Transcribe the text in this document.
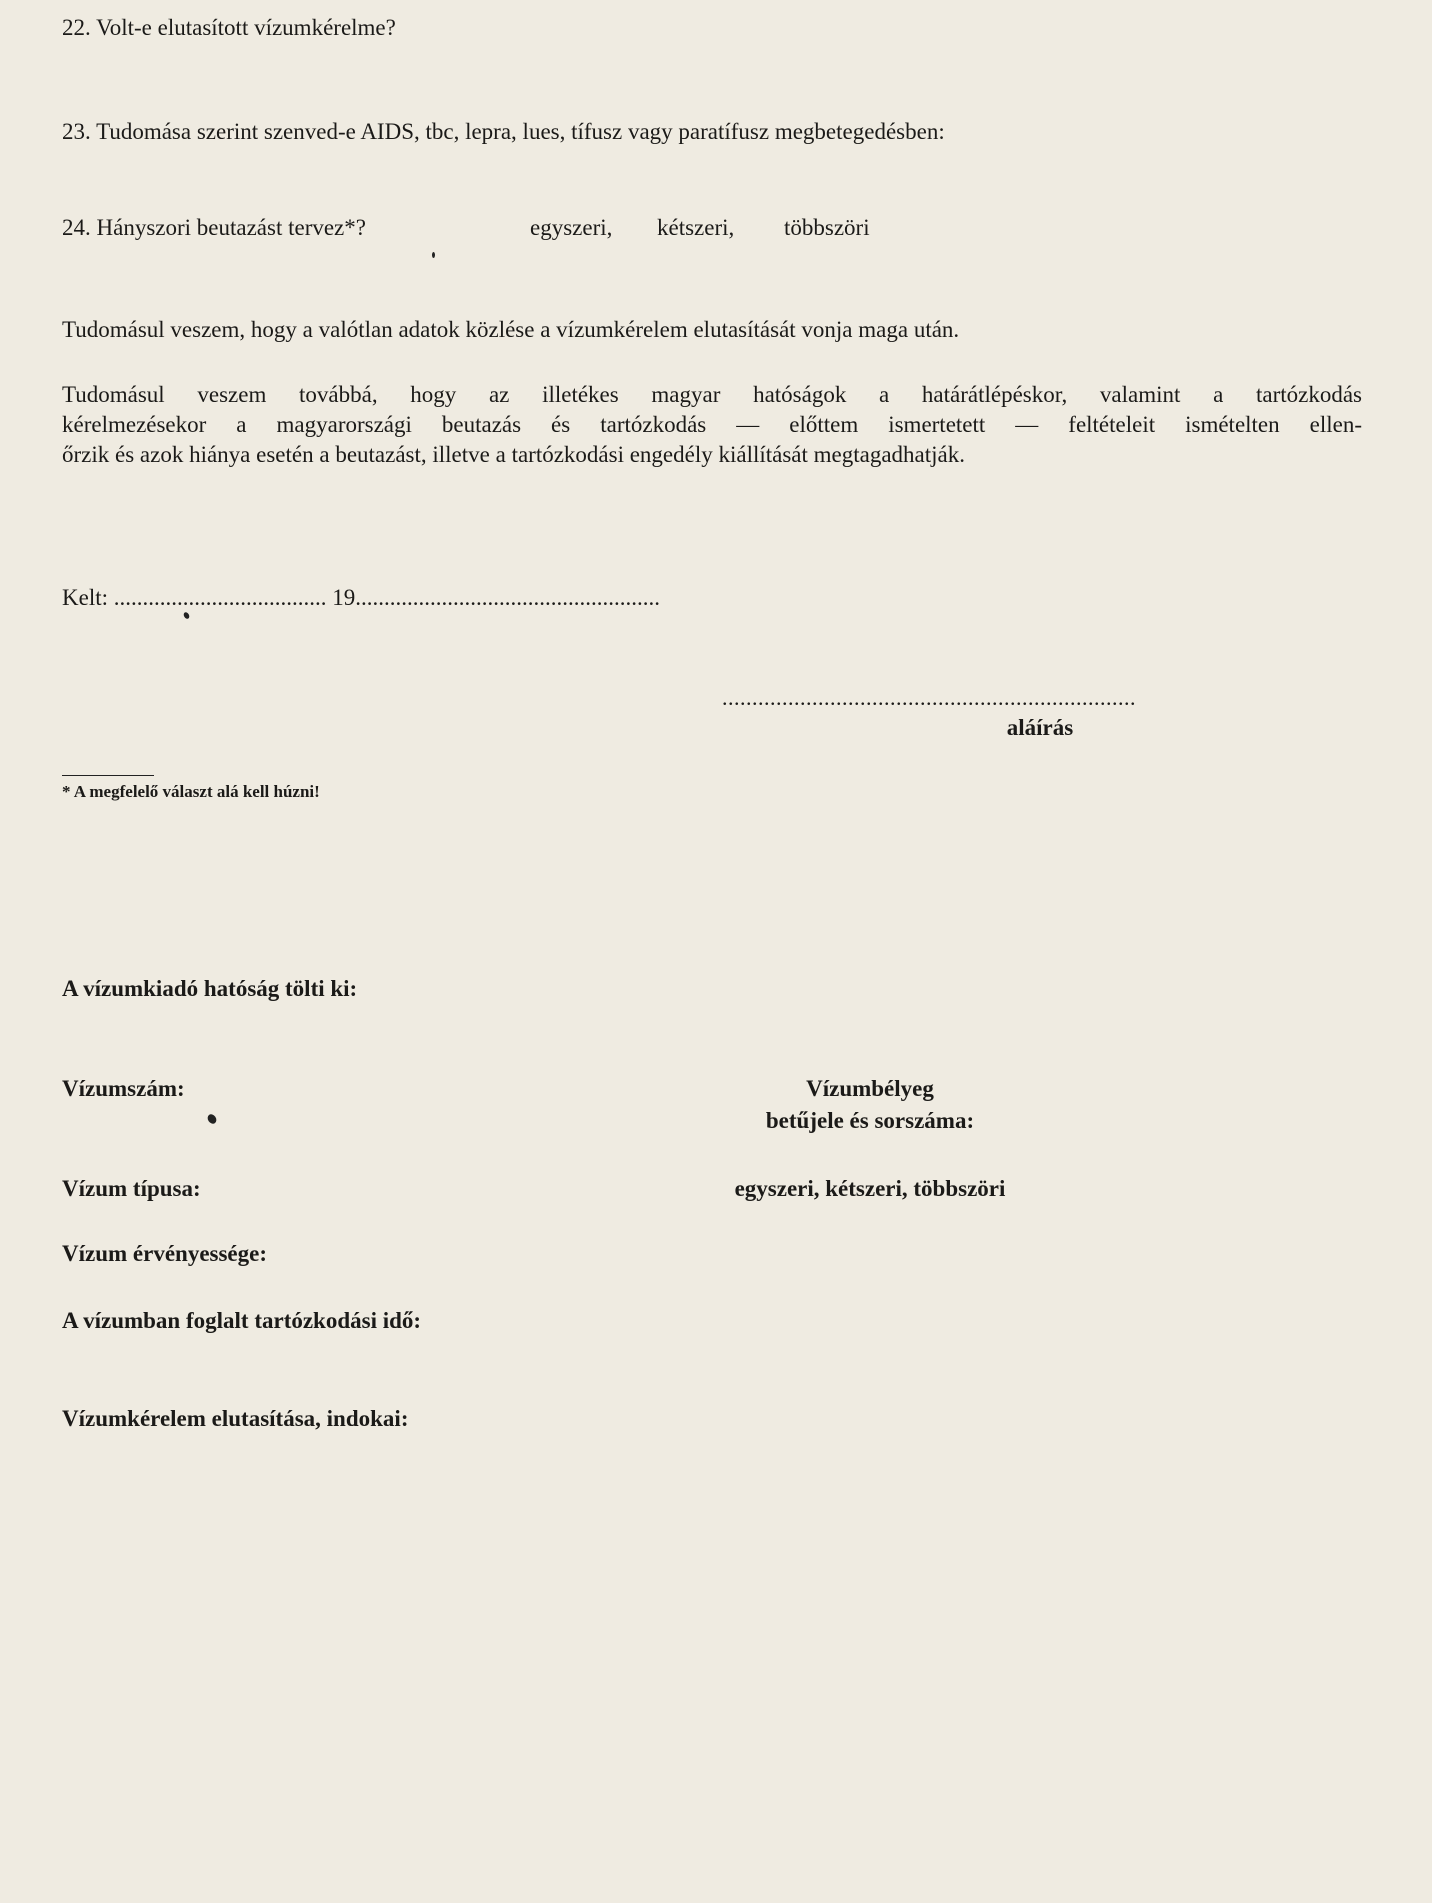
22. Volt-e elutasított vízumkérelme?
23. Tudomása szerint szenved-e AIDS, tbc, lepra, lues, tífusz vagy paratífusz megbetegedésben:
24. Hányszori beutazást tervez*?	egyszeri, kétszeri, többszöri
Tudomásul veszem, hogy a valótlan adatok közlése a vízumkérelem elutasítását vonja maga után.
Tudomásul veszem továbbá, hogy az illetékes magyar hatóságok a határátlépéskor, valamint a tartózkodás
kérelmezésekor a magyarországi beutazás és tartózkodás — előttem ismertetett — feltételeit ismételten ellen-
őrzik és azok hiánya esetén a beutazást, illetve a tartózkodási engedély kiállítását megtagadhatják.
Kelt: ..................................... 19.....................................................
.....................................................................
aláírás
* A megfelelő választ alá kell húzni!
A vízumkiadó hatóság tölti ki:
Vízumszám:	Vízumbélyeg
betűjele és sorszáma:
Vízum típusa:	egyszeri, kétszeri, többszöri
Vízum érvényessége:
A vízumban foglalt tartózkodási idő:
Vízumkérelem elutasítása, indokai:
